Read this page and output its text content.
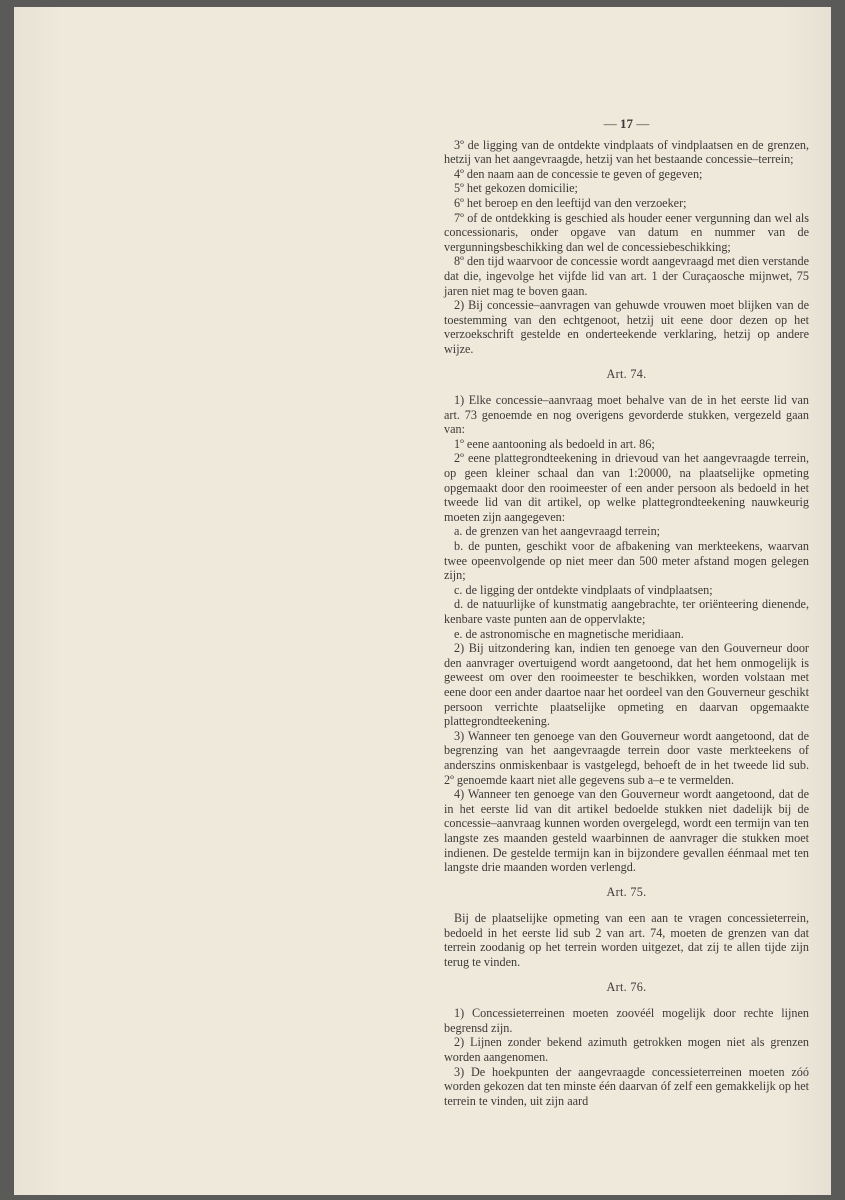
— 17 —

3º de ligging van de ontdekte vindplaats of vindplaatsen en de grenzen, hetzij van het aangevraagde, hetzij van het bestaande concessie–terrein;

4º den naam aan de concessie te geven of gegeven;

5º het gekozen domicilie;

6º het beroep en den leeftijd van den verzoeker;

7º of de ontdekking is geschied als houder eener vergunning dan wel als concessionaris, onder opgave van datum en nummer van de vergunningsbeschikking dan wel de concessiebeschikking;

8º den tijd waarvoor de concessie wordt aangevraagd met dien verstande dat die, ingevolge het vijfde lid van art. 1 der Curaçaosche mijnwet, 75 jaren niet mag te boven gaan.

2) Bij concessie–aanvragen van gehuwde vrouwen moet blijken van de toestemming van den echtgenoot, hetzij uit eene door dezen op het verzoekschrift gestelde en onderteekende verklaring, hetzij op andere wijze.

Art. 74.

1) Elke concessie–aanvraag moet behalve van de in het eerste lid van art. 73 genoemde en nog overigens gevorderde stukken, vergezeld gaan van:

1º eene aantooning als bedoeld in art. 86;

2º eene plattegrondteekening in drievoud van het aangevraagde terrein, op geen kleiner schaal dan van 1:20000, na plaatselijke opmeting opgemaakt door den rooimeester of een ander persoon als bedoeld in het tweede lid van dit artikel, op welke plattegrondteekening nauwkeurig moeten zijn aangegeven:

a. de grenzen van het aangevraagd terrein;

b. de punten, geschikt voor de afbakening van merkteekens, waarvan twee opeenvolgende op niet meer dan 500 meter afstand mogen gelegen zijn;

c. de ligging der ontdekte vindplaats of vindplaatsen;

d. de natuurlijke of kunstmatig aangebrachte, ter oriënteering dienende, kenbare vaste punten aan de oppervlakte;

e. de astronomische en magnetische meridiaan.

2) Bij uitzondering kan, indien ten genoege van den Gouverneur door den aanvrager overtuigend wordt aangetoond, dat het hem onmogelijk is geweest om over den rooimeester te beschikken, worden volstaan met eene door een ander daartoe naar het oordeel van den Gouverneur geschikt persoon verrichte plaatselijke opmeting en daarvan opgemaakte plattegrondteekening.

3) Wanneer ten genoege van den Gouverneur wordt aangetoond, dat de begrenzing van het aangevraagde terrein door vaste merkteekens of anderszins onmiskenbaar is vastgelegd, behoeft de in het tweede lid sub. 2º genoemde kaart niet alle gegevens sub a–e te vermelden.

4) Wanneer ten genoege van den Gouverneur wordt aangetoond, dat de in het eerste lid van dit artikel bedoelde stukken niet dadelijk bij de concessie–aanvraag kunnen worden overgelegd, wordt een termijn van ten langste zes maanden gesteld waarbinnen de aanvrager die stukken moet indienen. De gestelde termijn kan in bijzondere gevallen éénmaal met ten langste drie maanden worden verlengd.

Art. 75.

Bij de plaatselijke opmeting van een aan te vragen concessieterrein, bedoeld in het eerste lid sub 2 van art. 74, moeten de grenzen van dat terrein zoodanig op het terrein worden uitgezet, dat zij te allen tijde zijn terug te vinden.

Art. 76.

1) Concessieterreinen moeten zoovéél mogelijk door rechte lijnen begrensd zijn.

2) Lijnen zonder bekend azimuth getrokken mogen niet als grenzen worden aangenomen.

3) De hoekpunten der aangevraagde concessieterreinen moeten zóó worden gekozen dat ten minste één daarvan óf zelf een gemakkelijk op het terrein te vinden, uit zijn aard
